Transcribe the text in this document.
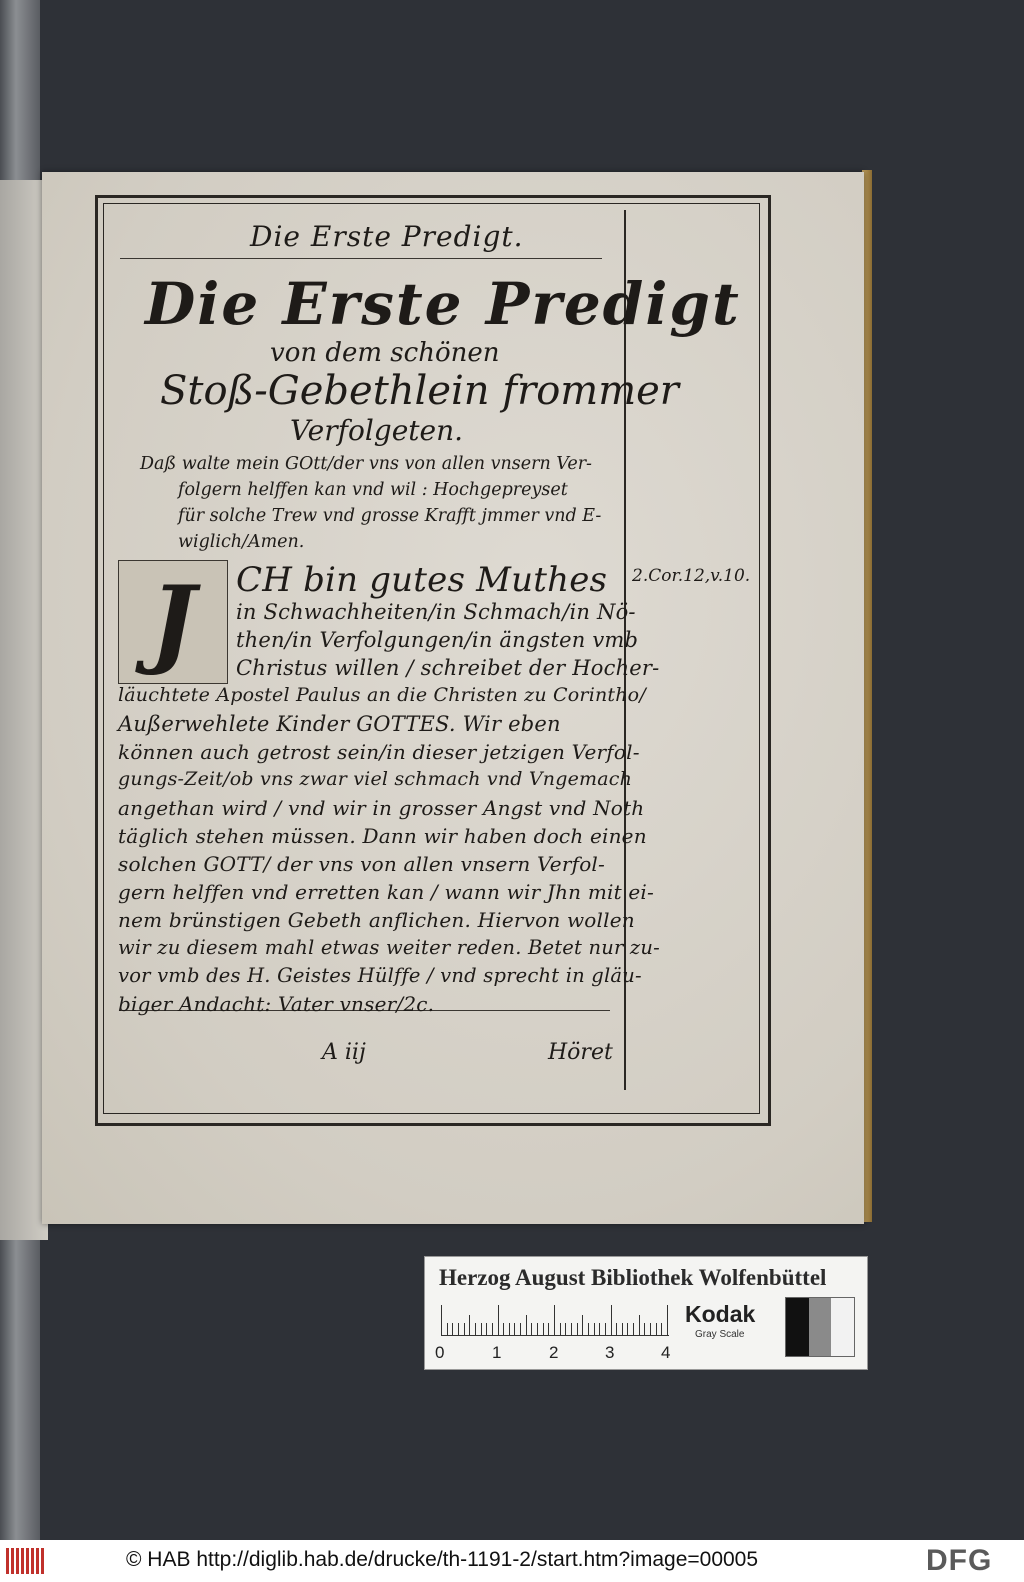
Die Erste Predigt.
Die Erste Predigt
von dem schönen
Stoß-Gebethlein frommer
Verfolgeten.
Daß walte mein GOtt/der vns von allen vnsern Ver-
folgern helffen kan vnd wil : Hochgepreyset
für solche Trew vnd grosse Krafft jmmer vnd E-
wiglich/Amen.
J CH bin gutes Muthes
in Schwachheiten/in Schmach/in Nö-
then/in Verfolgungen/in ängsten vmb
Christus willen / schreibet der Hocher-
läuchtete Apostel Paulus an die Christen zu Corintho/
Außerwehlete Kinder GOTTES. Wir eben
können auch getrost sein/in dieser jetzigen Verfol-
gungs-Zeit/ob vns zwar viel schmach vnd Vngemach
angethan wird / vnd wir in grosser Angst vnd Noth
täglich stehen müssen. Dann wir haben doch einen
solchen GOTT/ der vns von allen vnsern Verfol-
gern helffen vnd erretten kan / wann wir Jhn mit ei-
nem brünstigen Gebeth anflichen. Hiervon wollen
wir zu diesem mahl etwas weiter reden. Betet nur zu-
vor vmb des H. Geistes Hülffe / vnd sprecht in gläu-
biger Andacht: Vater vnser/2c.
2.Cor.12,v.10.
A iij	Höret
Herzog August Bibliothek Wolfenbüttel
0	1	2	3	4
Kodak
Gray Scale
© HAB http://diglib.hab.de/drucke/th-1191-2/start.htm?image=00005	DFG
